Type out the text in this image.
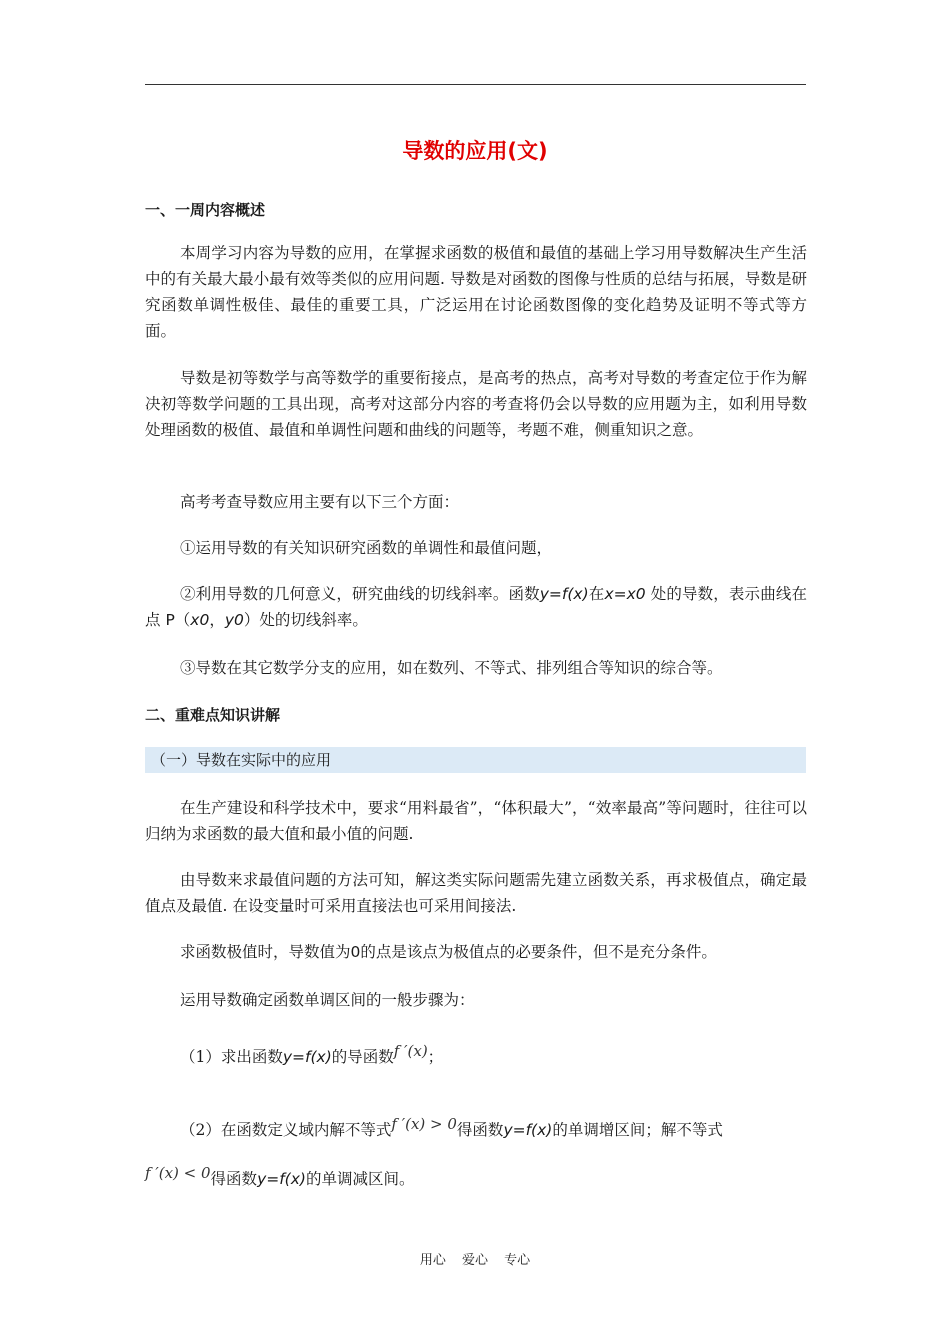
导数的应用(文)
一、一周内容概述
本周学习内容为导数的应用，在掌握求函数的极值和最值的基础上学习用导数解决生产生活中的有关最大最小最有效等类似的应用问题. 导数是对函数的图像与性质的总结与拓展，导数是研究函数单调性极佳、最佳的重要工具，广泛运用在讨论函数图像的变化趋势及证明不等式等方面。
导数是初等数学与高等数学的重要衔接点，是高考的热点，高考对导数的考查定位于作为解决初等数学问题的工具出现，高考对这部分内容的考查将仍会以导数的应用题为主，如利用导数处理函数的极值、最值和单调性问题和曲线的问题等，考题不难，侧重知识之意。
高考考查导数应用主要有以下三个方面：
①运用导数的有关知识研究函数的单调性和最值问题，
②利用导数的几何意义，研究曲线的切线斜率。函数y=f(x)在x=x0 处的导数，表示曲线在点 P（x0，y0）处的切线斜率。
③导数在其它数学分支的应用，如在数列、不等式、排列组合等知识的综合等。
二、重难点知识讲解
（一）导数在实际中的应用
在生产建设和科学技术中，要求“用料最省”，“体积最大”，“效率最高”等问题时，往往可以归纳为求函数的最大值和最小值的问题.
由导数来求最值问题的方法可知，解这类实际问题需先建立函数关系，再求极值点，确定最值点及最值. 在设变量时可采用直接法也可采用间接法.
求函数极值时，导数值为0的点是该点为极值点的必要条件，但不是充分条件。
运用导数确定函数单调区间的一般步骤为：
（1）求出函数y=f(x)的导函数f ′(x)；
（2）在函数定义域内解不等式f ′(x) > 0得函数y=f(x)的单调增区间；解不等式
f ′(x) < 0得函数y=f(x)的单调减区间。
用心 爱心 专心
